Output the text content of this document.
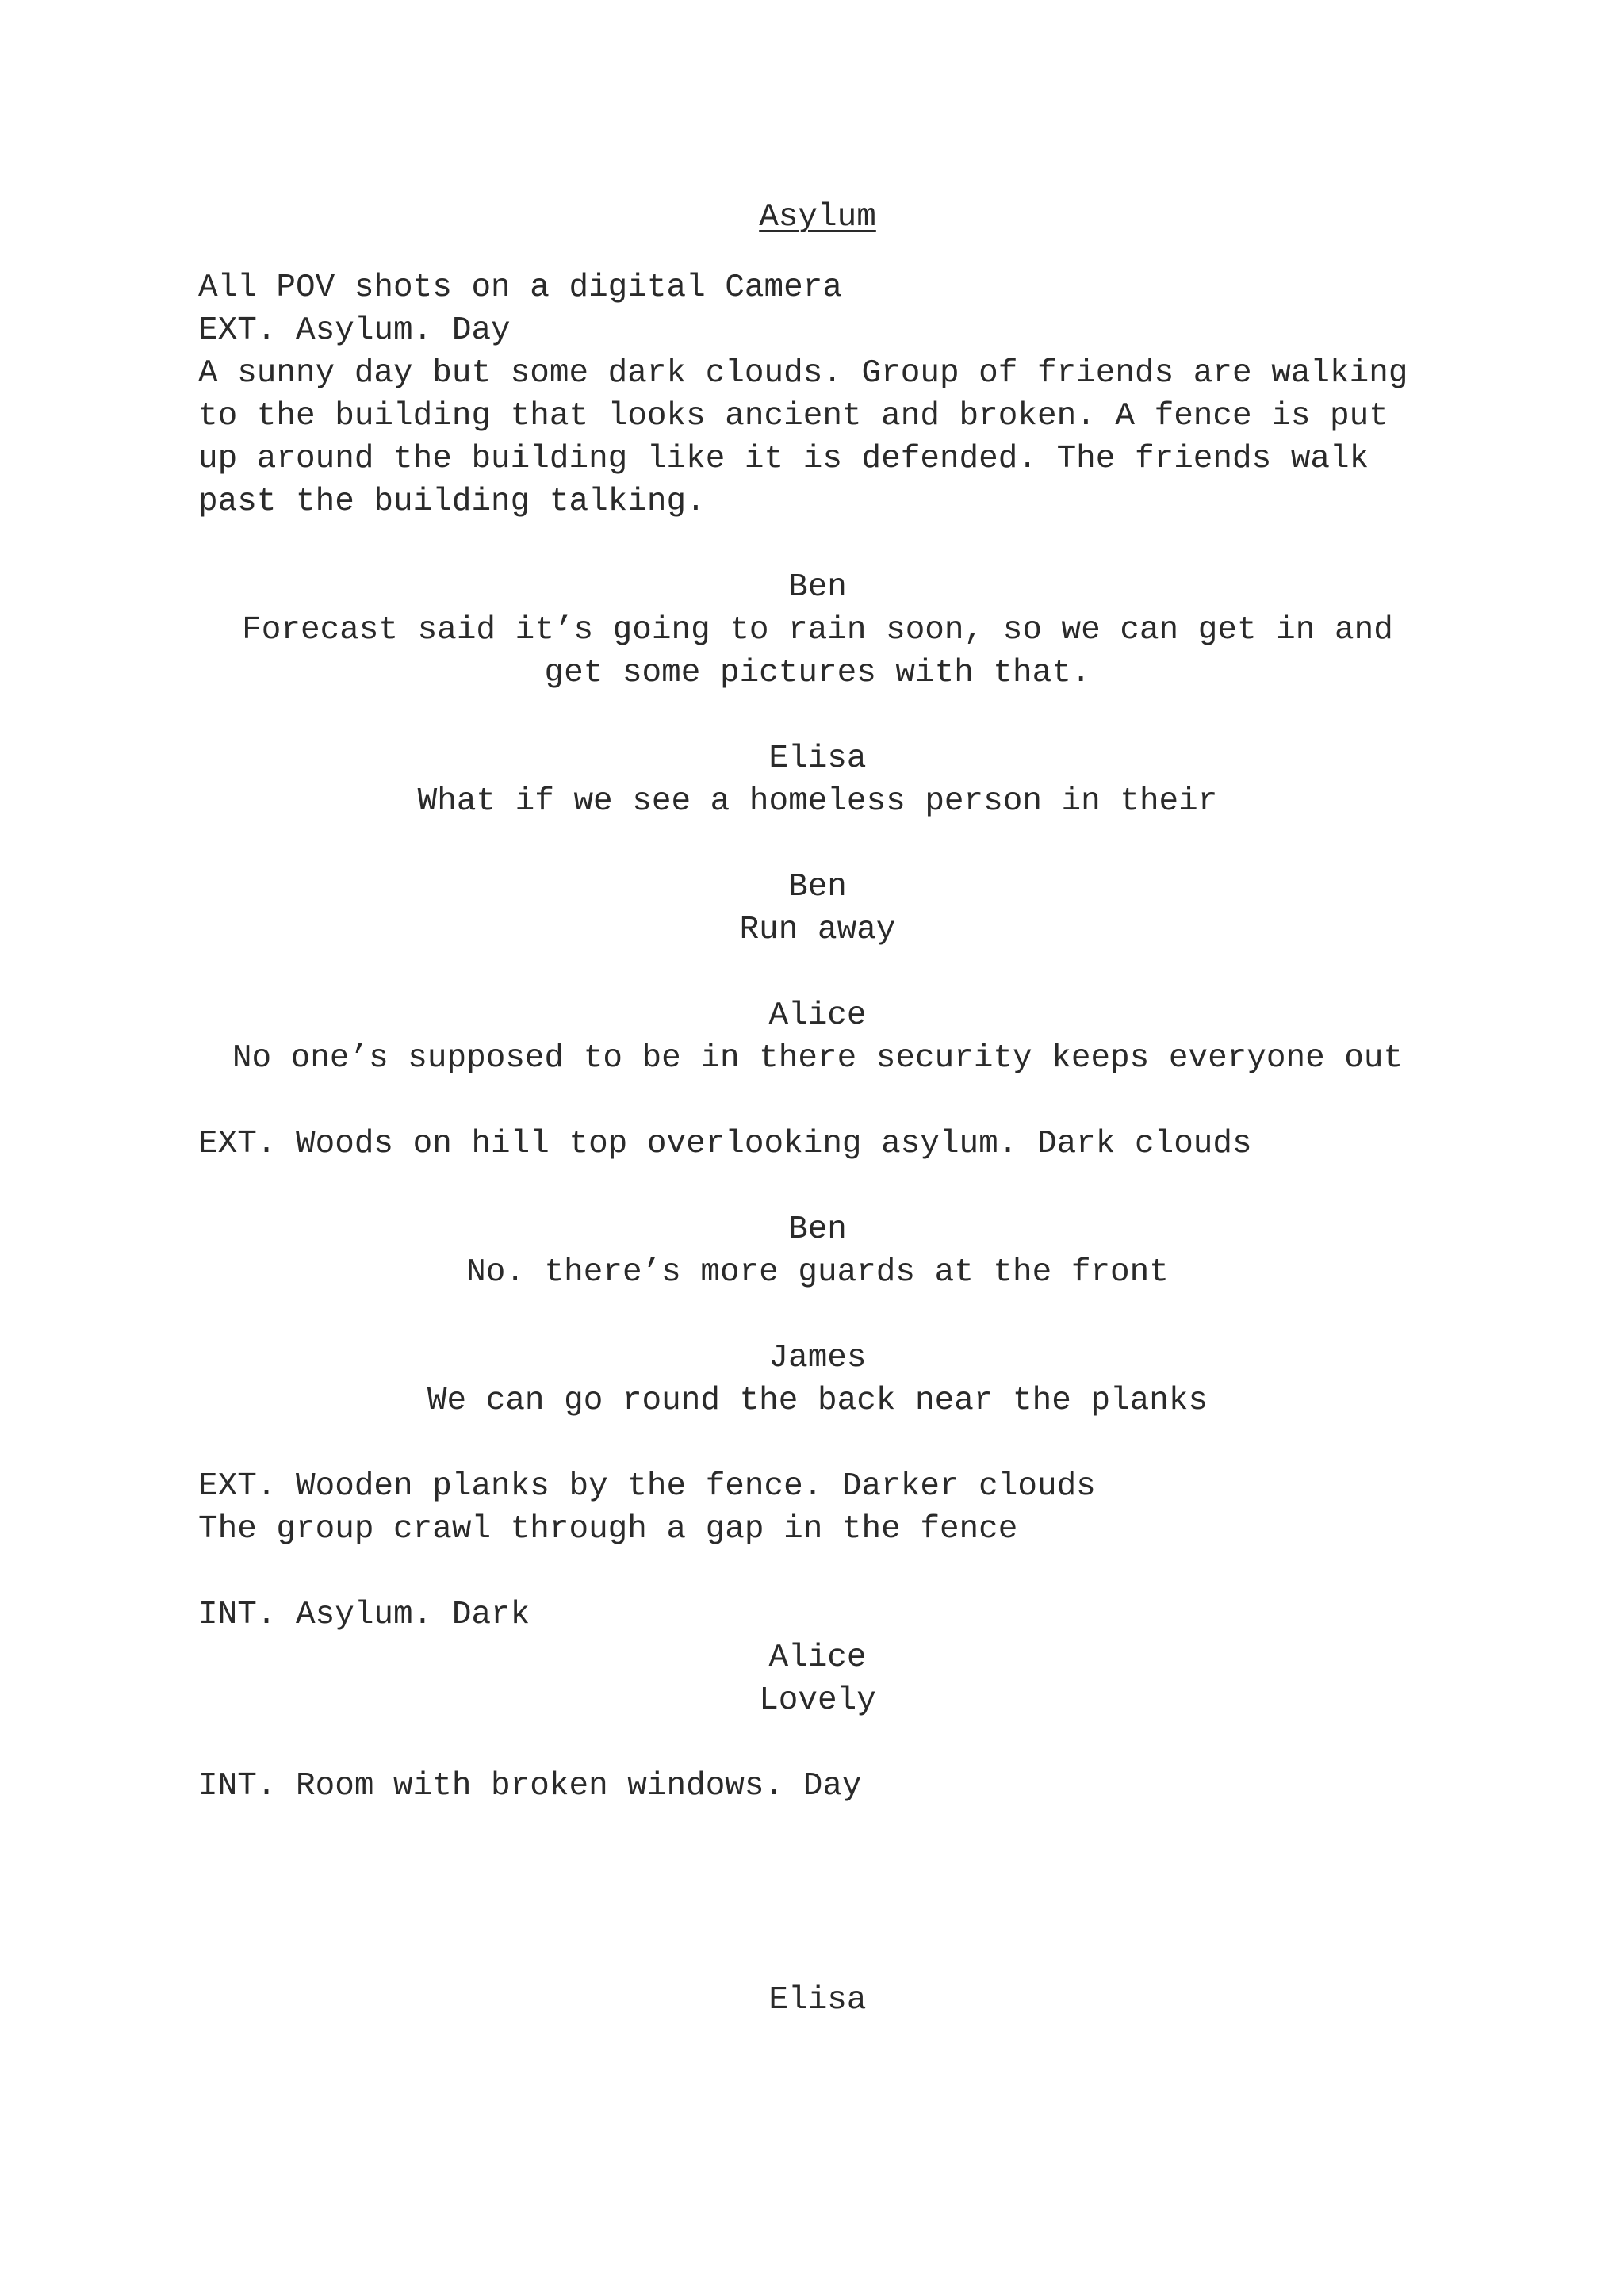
Asylum
All POV shots on a digital Camera
EXT. Asylum. Day
A sunny day but some dark clouds. Group of friends are walking
to the building that looks ancient and broken. A fence is put
up around the building like it is defended. The friends walk
past the building talking.
Ben
Forecast said it’s going to rain soon, so we can get in and
get some pictures with that.
Elisa
What if we see a homeless person in their
Ben
Run away
Alice
No one’s supposed to be in there security keeps everyone out
EXT. Woods on hill top overlooking asylum. Dark clouds
Ben
No. there’s more guards at the front
James
We can go round the back near the planks
EXT. Wooden planks by the fence. Darker clouds
The group crawl through a gap in the fence
INT. Asylum. Dark
Alice
Lovely
INT. Room with broken windows. Day
Elisa
